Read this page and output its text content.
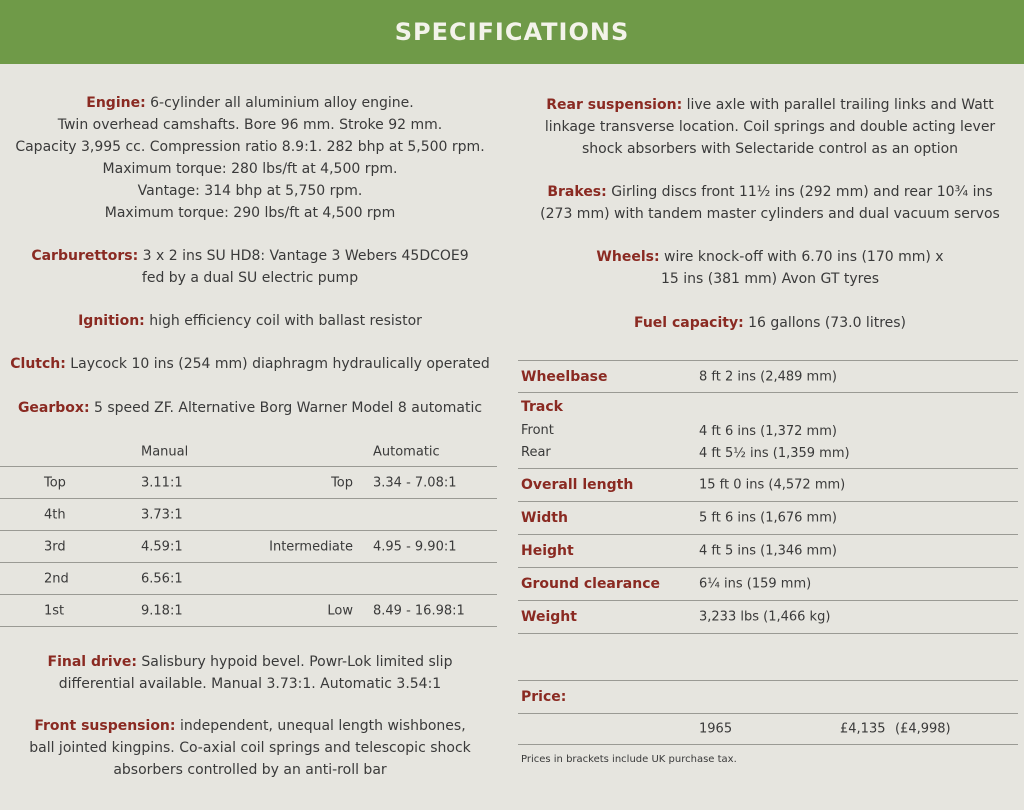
SPECIFICATIONS
Engine: 6-cylinder all aluminium alloy engine.
Twin overhead camshafts. Bore 96 mm. Stroke 92 mm.
Capacity 3,995 cc. Compression ratio 8.9:1. 282 bhp at 5,500 rpm.
Maximum torque: 280 lbs/ft at 4,500 rpm.
Vantage: 314 bhp at 5,750 rpm.
Maximum torque: 290 lbs/ft at 4,500 rpm
Carburettors: 3 x 2 ins SU HD8: Vantage 3 Webers 45DCOE9
fed by a dual SU electric pump
Ignition: high efficiency coil with ballast resistor
Clutch: Laycock 10 ins (254 mm) diaphragm hydraulically operated
Gearbox: 5 speed ZF. Alternative Borg Warner Model 8 automatic
Manual	Automatic
Top	3.11:1	Top 3.34 - 7.08:1
4th	3.73:1
3rd	4.59:1	Intermediate 4.95 - 9.90:1
2nd	6.56:1
1st	9.18:1	Low 8.49 - 16.98:1
Final drive: Salisbury hypoid bevel. Powr-Lok limited slip
differential available. Manual 3.73:1. Automatic 3.54:1
Front suspension: independent, unequal length wishbones,
ball jointed kingpins. Co-axial coil springs and telescopic shock
absorbers controlled by an anti-roll bar
Rear suspension: live axle with parallel trailing links and Watt
linkage transverse location. Coil springs and double acting lever
shock absorbers with Selectaride control as an option
Brakes: Girling discs front 11½ ins (292 mm) and rear 10¾ ins
(273 mm) with tandem master cylinders and dual vacuum servos
Wheels: wire knock-off with 6.70 ins (170 mm) x
15 ins (381 mm) Avon GT tyres
Fuel capacity: 16 gallons (73.0 litres)
Wheelbase	8 ft 2 ins (2,489 mm)
Track
Front	4 ft 6 ins (1,372 mm)
Rear	4 ft 5½ ins (1,359 mm)
Overall length	15 ft 0 ins (4,572 mm)
Width	5 ft 6 ins (1,676 mm)
Height	4 ft 5 ins (1,346 mm)
Ground clearance	6¼ ins (159 mm)
Weight	3,233 lbs (1,466 kg)
Price:
1965	£4,135 (£4,998)
Prices in brackets include UK purchase tax.
